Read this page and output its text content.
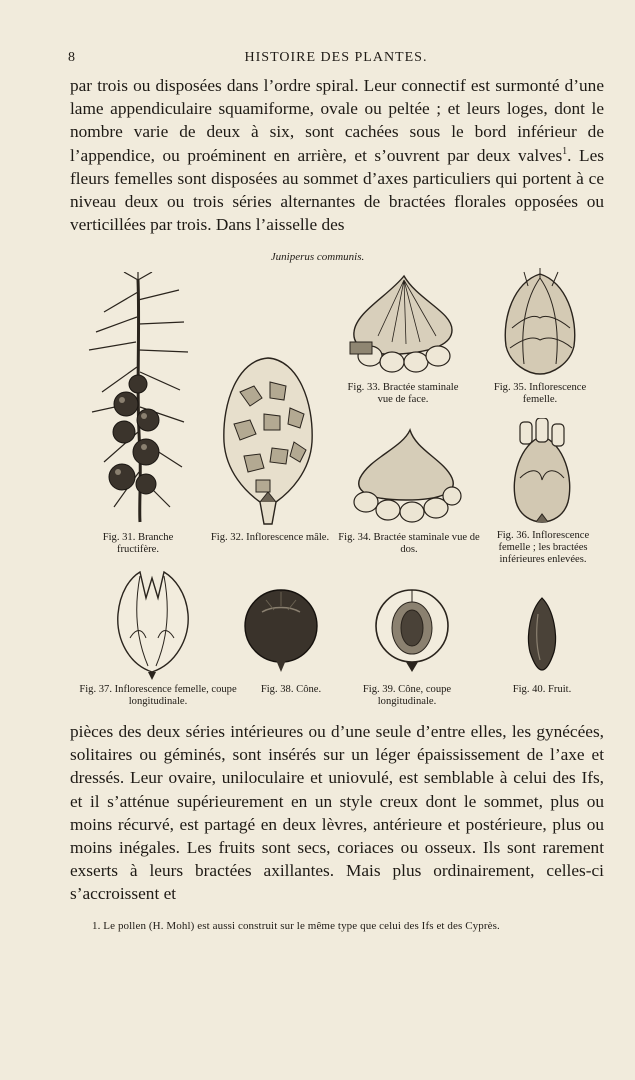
8	HISTOIRE DES PLANTES.

par trois ou disposées dans l’ordre spiral. Leur connectif est surmonté d’une lame appendiculaire squamiforme, ovale ou peltée ; et leurs loges, dont le nombre varie de deux à six, sont cachées sous le bord inférieur de l’appendice, ou proéminent en arrière, et s’ouvrent par deux valves$^1$. Les fleurs femelles sont disposées au sommet d’axes particuliers qui portent à ce niveau deux ou trois séries alternantes de bractées florales opposées ou verticillées par trois. Dans l’aisselle des

Juniperus communis.
Fig. 31. Branche fructifère.
Fig. 32. Inflorescence mâle.
Fig. 33. Bractée staminale vue de face.
Fig. 35. Inflorescence femelle.
Fig. 34. Bractée staminale vue de dos.
Fig. 36. Inflorescence femelle ; les bractées inférieures enlevées.
Fig. 37. Inflorescence femelle, coupe longitudinale.
Fig. 38. Cône.	Fig. 39. Cône, coupe longitudinale.
Fig. 40. Fruit.

pièces des deux séries intérieures ou d’une seule d’entre elles, les gynécées, solitaires ou géminés, sont insérés sur un léger épaississement de l’axe et dressés. Leur ovaire, uniloculaire et uniovulé, est semblable à celui des Ifs, et il s’atténue supérieurement en un style creux dont le sommet, plus ou moins récurvé, est partagé en deux lèvres, antérieure et postérieure, plus ou moins inégales. Les fruits sont secs, coriaces ou osseux. Ils sont rarement exserts à leurs bractées axillantes. Mais plus ordinairement, celles-ci s’accroissent et

1. Le pollen (H. Mohl) est aussi construit sur le même type que celui des Ifs et des Cyprès.
